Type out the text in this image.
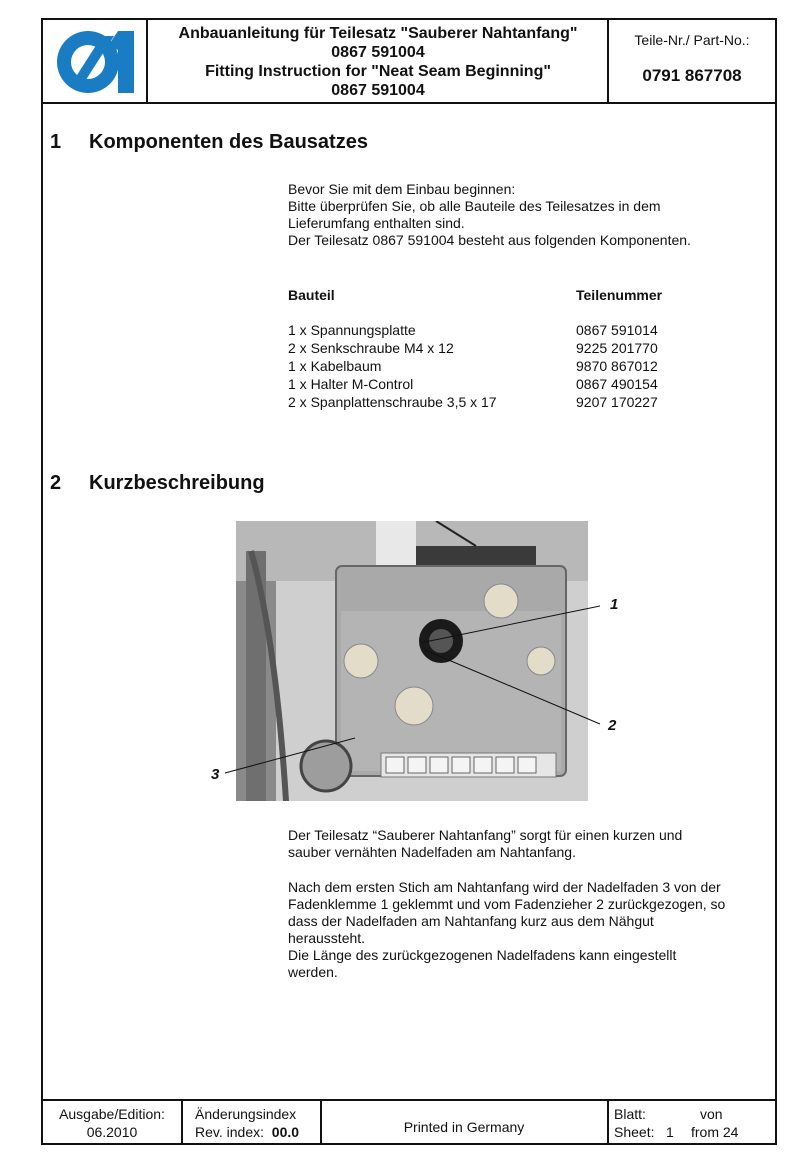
Anbauanleitung für Teilesatz "Sauberer Nahtanfang"
0867 591004
Fitting Instruction for "Neat Seam Beginning"
0867 591004
Teile-Nr./ Part-No.:
0791 867708
1 Komponenten des Bausatzes
Bevor Sie mit dem Einbau beginnen:
Bitte überprüfen Sie, ob alle Bauteile des Teilesatzes in dem
Lieferumfang enthalten sind.
Der Teilesatz 0867 591004 besteht aus folgenden Komponenten.
Bauteil	Teilenummer
1 x Spannungsplatte	0867 591014
2 x Senkschraube M4 x 12	9225 201770
1 x Kabelbaum	9870 867012
1 x Halter M-Control	0867 490154
2 x Spanplattenschraube 3,5 x 17	9207 170227
2 Kurzbeschreibung
1
2
3
Der Teilesatz “Sauberer Nahtanfang” sorgt für einen kurzen und
sauber vernähten Nadelfaden am Nahtanfang.
Nach dem ersten Stich am Nahtanfang wird der Nadelfaden 3 von der
Fadenklemme 1 geklemmt und vom Fadenzieher 2 zurückgezogen, so
dass der Nadelfaden am Nahtanfang kurz aus dem Nähgut
heraussteht.
Die Länge des zurückgezogenen Nadelfadens kann eingestellt
werden.
Ausgabe/Edition:
06.2010
Änderungsindex
Rev. index: 00.0	Printed in Germany
Blatt:	von
Sheet: 1 from 24
